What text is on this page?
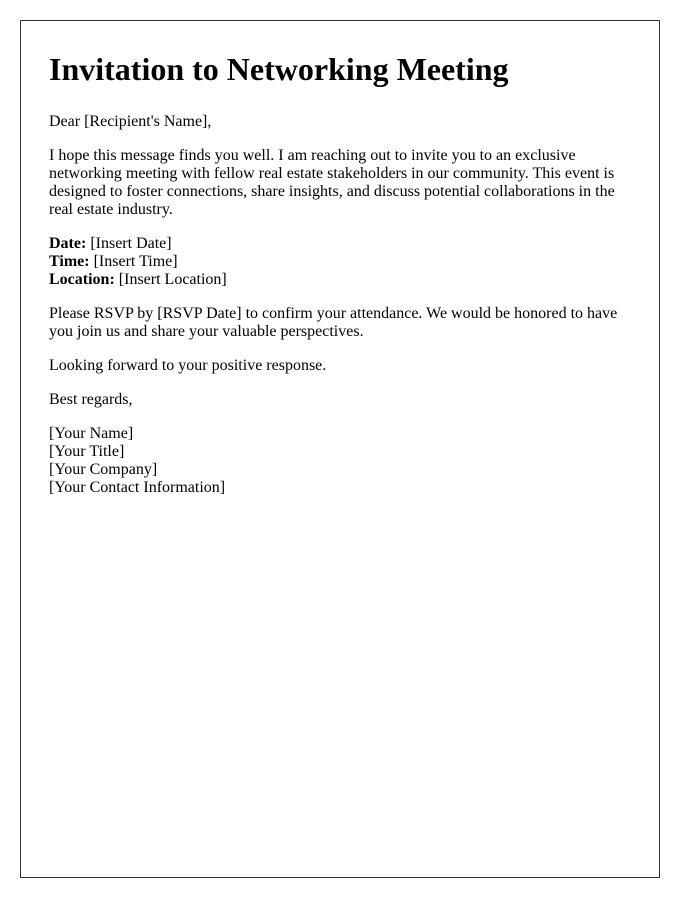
Invitation to Networking Meeting

Dear [Recipient's Name],

I hope this message finds you well. I am reaching out to invite you to an exclusive networking meeting with fellow real estate stakeholders in our community. This event is designed to foster connections, share insights, and discuss potential collaborations in the real estate industry.

Date: [Insert Date]
Time: [Insert Time]
Location: [Insert Location]

Please RSVP by [RSVP Date] to confirm your attendance. We would be honored to have you join us and share your valuable perspectives.

Looking forward to your positive response.

Best regards,

[Your Name]
[Your Title]
[Your Company]
[Your Contact Information]
